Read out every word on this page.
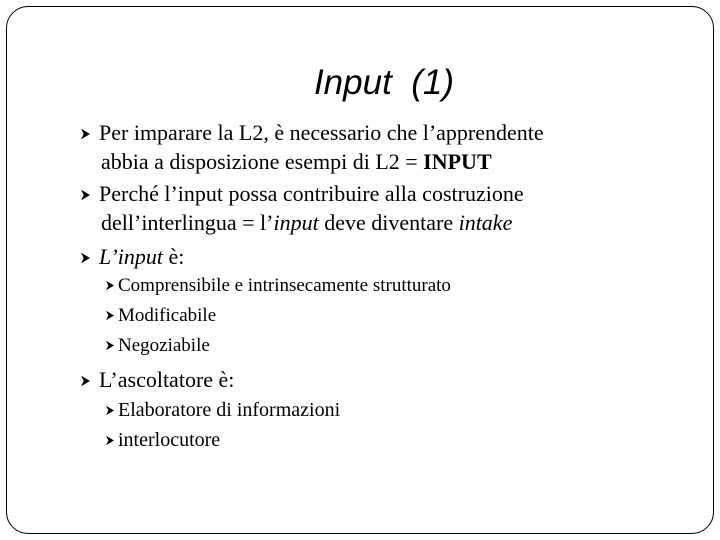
Input  (1)
Per imparare la L2, è necessario che l’apprendente
abbia a disposizione esempi di L2 = INPUT
Perché l’input possa contribuire alla costruzione
dell’interlingua = l’input deve diventare intake
L’input è:
Comprensibile e intrinsecamente strutturato
Modificabile
Negoziabile
L’ascoltatore è:
Elaboratore di informazioni
interlocutore
